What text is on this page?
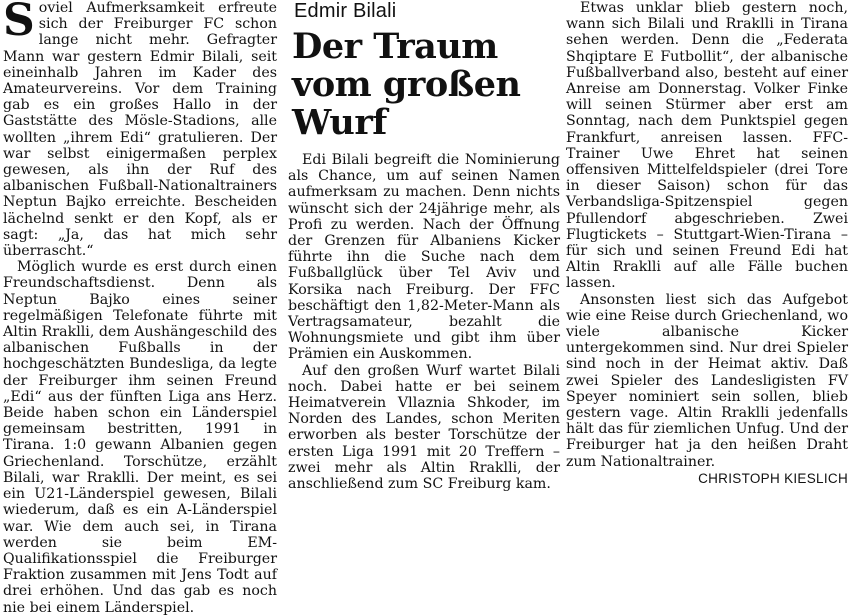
Soviel Aufmerksamkeit erfreute sich der Freiburger FC schon lange nicht mehr. Gefragter Mann war gestern Edmir Bilali, seit eineinhalb Jahren im Kader des Amateurvereins. Vor dem Training gab es ein großes Hallo in der Gaststätte des Mösle-Stadions, alle wollten „ihrem Edi“ gratulieren. Der war selbst einigermaßen perplex gewesen, als ihn der Ruf des albanischen Fußball-Nationaltrainers Neptun Bajko erreichte. Bescheiden lächelnd senkt er den Kopf, als er sagt: „Ja, das hat mich sehr überrascht.“

Möglich wurde es erst durch einen Freundschaftsdienst. Denn als Neptun Bajko eines seiner regelmäßigen Telefonate führte mit Altin Rraklli, dem Aushängeschild des albanischen Fußballs in der hochgeschätzten Bundesliga, da legte der Freiburger ihm seinen Freund „Edi“ aus der fünften Liga ans Herz. Beide haben schon ein Länderspiel gemeinsam bestritten, 1991 in Tirana. 1:0 gewann Albanien gegen Griechenland. Torschütze, erzählt Bilali, war Rraklli. Der meint, es sei ein U21-Länderspiel gewesen, Bilali wiederum, daß es ein A-Länderspiel war. Wie dem auch sei, in Tirana werden sie beim EM-Qualifikationsspiel die Freiburger Fraktion zusammen mit Jens Todt auf drei erhöhen. Und das gab es noch nie bei einem Länderspiel.

Edmir Bilali
Der Traum vom großen Wurf

Edi Bilali begreift die Nominierung als Chance, um auf seinen Namen aufmerksam zu machen. Denn nichts wünscht sich der 24jährige mehr, als Profi zu werden. Nach der Öffnung der Grenzen für Albaniens Kicker führte ihn die Suche nach dem Fußballglück über Tel Aviv und Korsika nach Freiburg. Der FFC beschäftigt den 1,82-Meter-Mann als Vertragsamateur, bezahlt die Wohnungsmiete und gibt ihm über Prämien ein Auskommen.

Auf den großen Wurf wartet Bilali noch. Dabei hatte er bei seinem Heimatverein Vllaznia Shkoder, im Norden des Landes, schon Meriten erworben als bester Torschütze der ersten Liga 1991 mit 20 Treffern – zwei mehr als Altin Rraklli, der anschließend zum SC Freiburg kam.

Etwas unklar blieb gestern noch, wann sich Bilali und Rraklli in Tirana sehen werden. Denn die „Federata Shqiptare E Futbollit“, der albanische Fußballverband also, besteht auf einer Anreise am Donnerstag. Volker Finke will seinen Stürmer aber erst am Sonntag, nach dem Punktspiel gegen Frankfurt, anreisen lassen. FFC-Trainer Uwe Ehret hat seinen offensiven Mittelfeldspieler (drei Tore in dieser Saison) schon für das Verbandsliga-Spitzenspiel gegen Pfullendorf abgeschrieben. Zwei Flugtickets – Stuttgart-Wien-Tirana – für sich und seinen Freund Edi hat Altin Rraklli auf alle Fälle buchen lassen.

Ansonsten liest sich das Aufgebot wie eine Reise durch Griechenland, wo viele albanische Kicker untergekommen sind. Nur drei Spieler sind noch in der Heimat aktiv. Daß zwei Spieler des Landesligisten FV Speyer nominiert sein sollen, blieb gestern vage. Altin Rraklli jedenfalls hält das für ziemlichen Unfug. Und der Freiburger hat ja den heißen Draht zum Nationaltrainer.

CHRISTOPH KIESLICH
